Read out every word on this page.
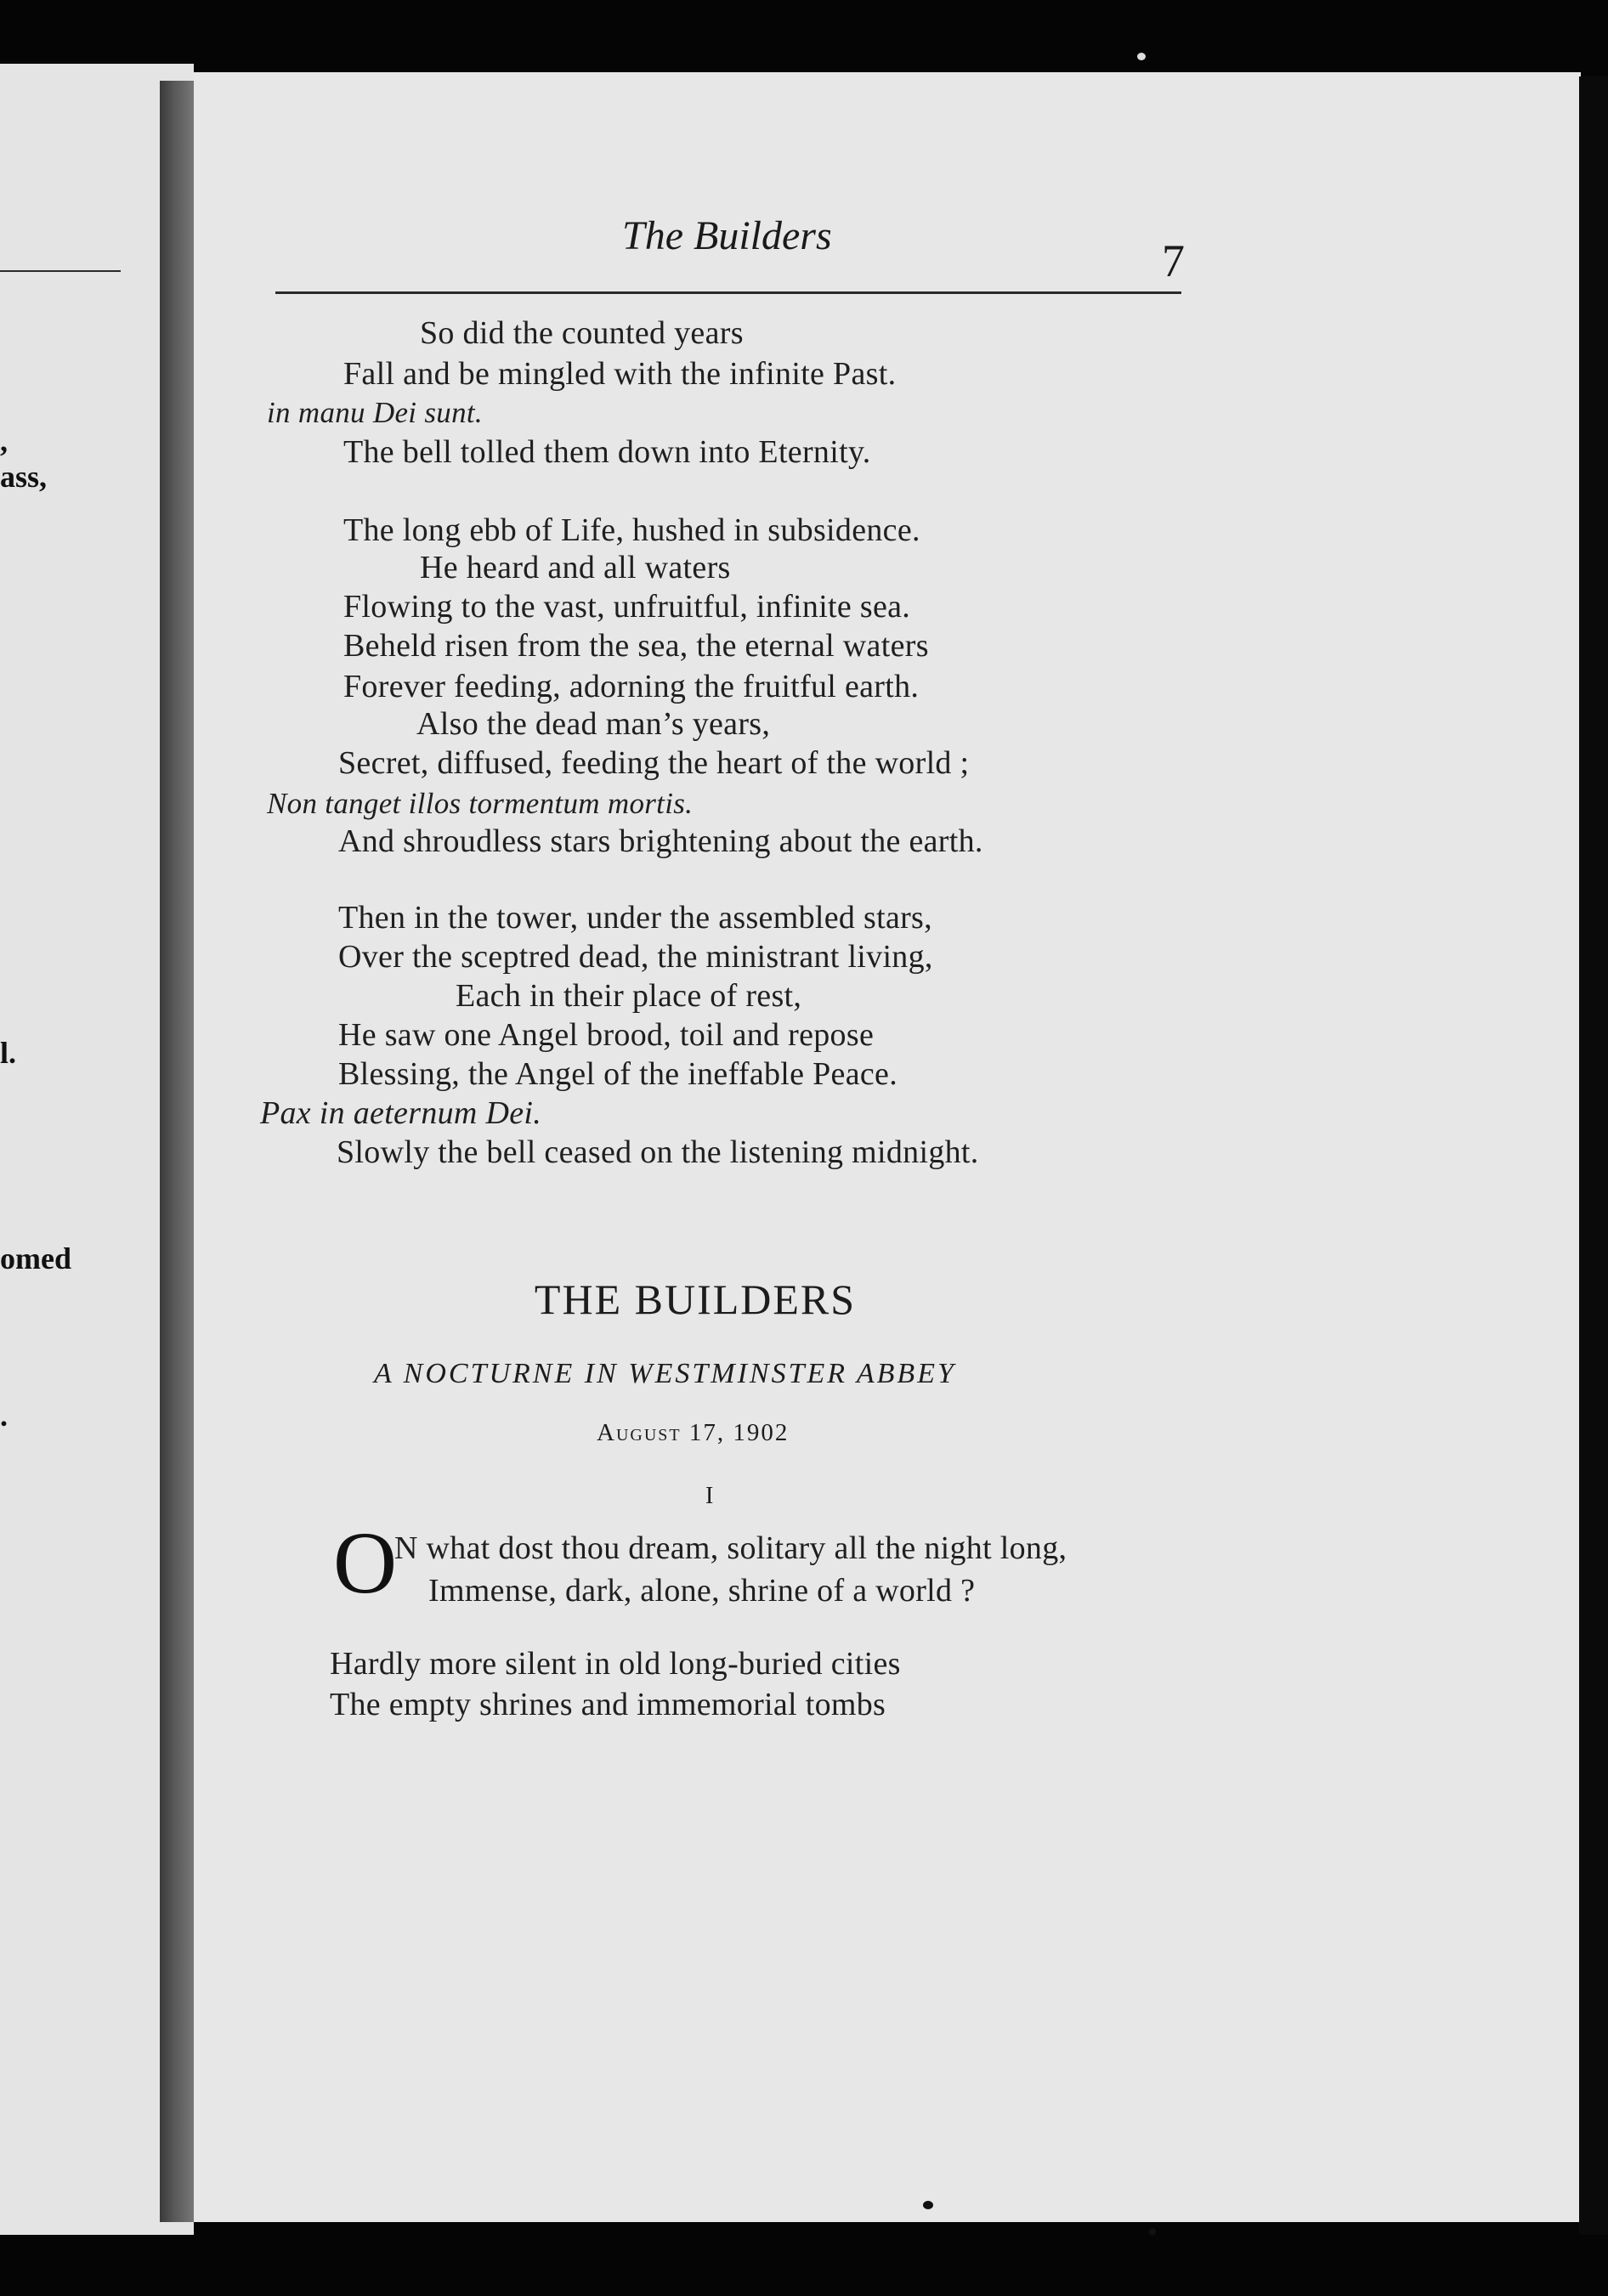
,
ass,
l.
omed
.
The Builders	7
So did the counted years
Fall and be mingled with the infinite Past.
in manu Dei sunt.
The bell tolled them down into Eternity.
The long ebb of Life, hushed in subsidence.
He heard and all waters
Flowing to the vast, unfruitful, infinite sea.
Beheld risen from the sea, the eternal waters
Forever feeding, adorning the fruitful earth.
Also the dead man’s years,
Secret, diffused, feeding the heart of the world ;
Non tanget illos tormentum mortis.
And shroudless stars brightening about the earth.
Then in the tower, under the assembled stars,
Over the sceptred dead, the ministrant living,
Each in their place of rest,
He saw one Angel brood, toil and repose
Blessing, the Angel of the ineffable Peace.
Pax in aeternum Dei.
Slowly the bell ceased on the listening midnight.
THE BUILDERS
A NOCTURNE IN WESTMINSTER ABBEY
August 17, 1902
I
O
N what dost thou dream, solitary all the night long,
Immense, dark, alone, shrine of a world ?
Hardly more silent in old long-buried cities
The empty shrines and immemorial tombs
